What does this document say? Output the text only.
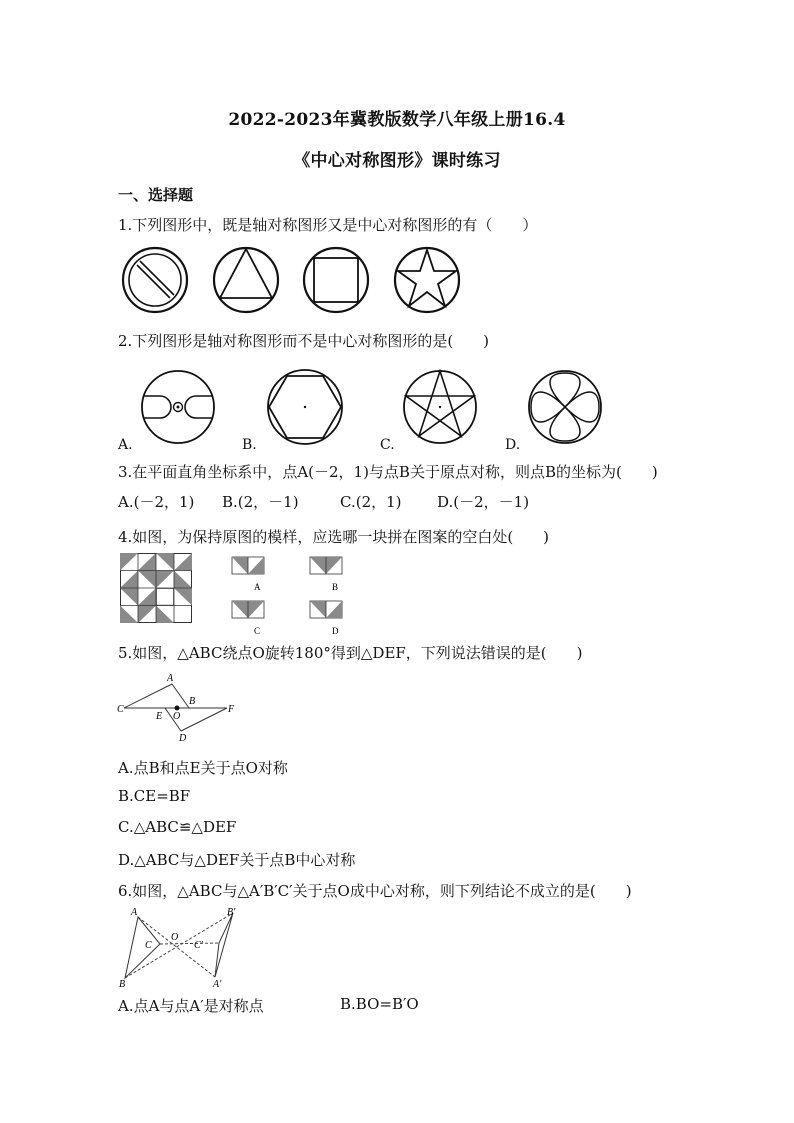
2022-2023年冀教版数学八年级上册16.4
《中心对称图形》课时练习
一、选择题
1.下列图形中，既是轴对称图形又是中心对称图形的有（　　）
2.下列图形是轴对称图形而不是中心对称图形的是(　　)
A.	B.	C.	D.
3.在平面直角坐标系中，点A(－2，1)与点B关于原点对称，则点B的坐标为(　　)
A.(－2，1) B.(2，－1)	C.(2，1) D.(－2，－1)
4.如图，为保持原图的模样，应选哪一块拼在图案的空白处(　　)
A	B
C	D
5.如图，△ABC绕点O旋转180°得到△DEF，下列说法错误的是(　　)
A
B
C
D
E
F
O
A.点B和点E关于点O对称
B.CE=BF
C.△ABC≌△DEF
D.△ABC与△DEF关于点B中心对称
6.如图，△ABC与△A′B′C′关于点O成中心对称，则下列结论不成立的是(　　)
A
B
C
O
A′
B′
C′
A.点A与点A′是对称点	B.BO=B′O
